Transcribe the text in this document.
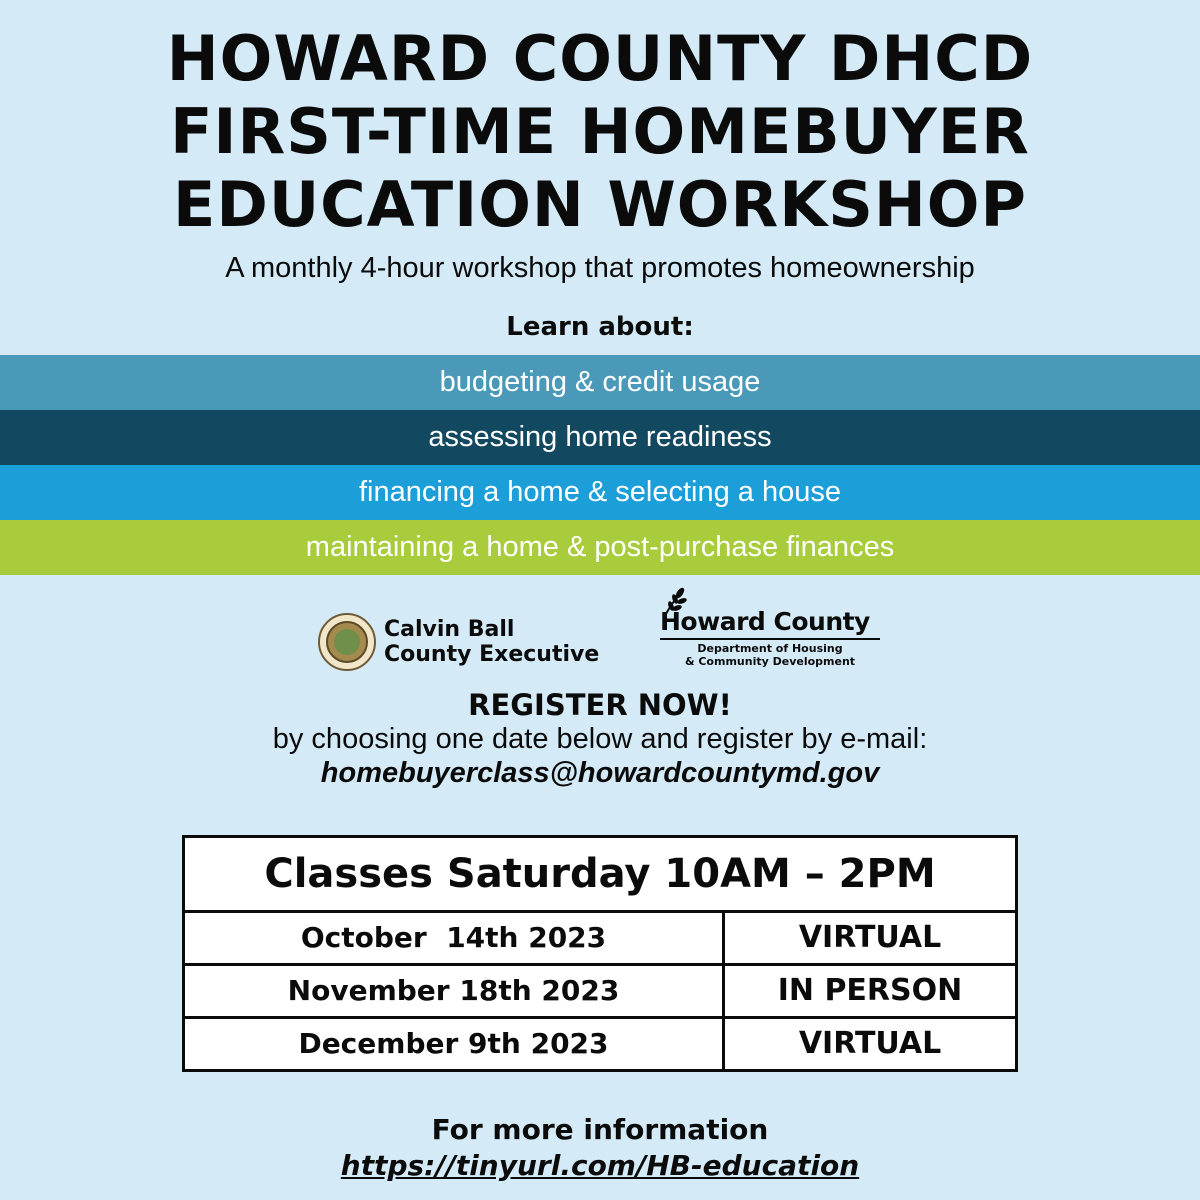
HOWARD COUNTY DHCD
FIRST-TIME HOMEBUYER
EDUCATION WORKSHOP
A monthly 4-hour workshop that promotes homeownership
Learn about:
budgeting & credit usage
assessing home readiness
financing a home & selecting a house
maintaining a home & post-purchase finances
Calvin Ball
County Executive
Howard County
Department of Housing
& Community Development
REGISTER NOW!
by choosing one date below and register by e-mail:
homebuyerclass@howardcountymd.gov
Classes Saturday 10AM – 2PM
October  14th 2023	VIRTUAL
November 18th 2023	IN PERSON
December 9th 2023	VIRTUAL
For more information
https://tinyurl.com/HB-education
